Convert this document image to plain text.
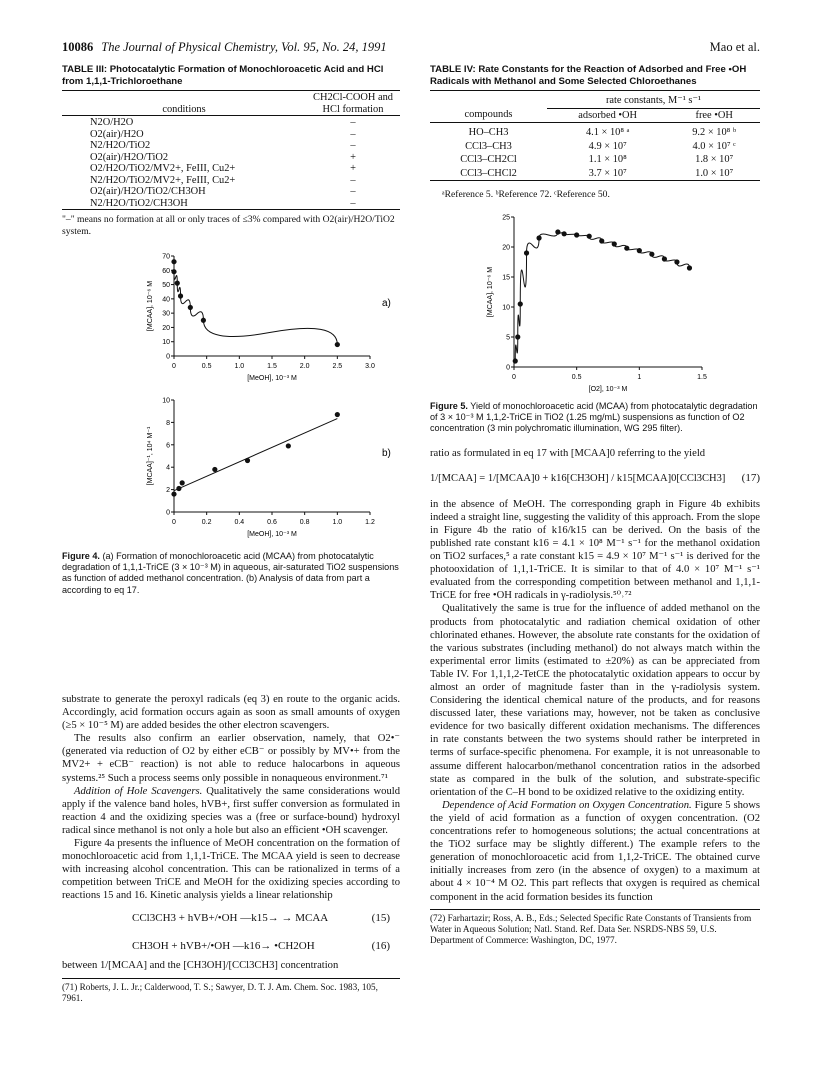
10086 The Journal of Physical Chemistry, Vol. 95, No. 24, 1991	Mao et al.
TABLE III: Photocatalytic Formation of Monochloroacetic Acid and HCl from 1,1,1-Trichloroethane

conditions	CH2Cl-COOH and HCl formation

N2O/H2O	–
O2(air)/H2O	–
N2/H2O/TiO2	–
O2(air)/H2O/TiO2	+
O2/H2O/TiO2/MV2+, FeIII, Cu2+	+
N2/H2O/TiO2/MV2+, FeIII, Cu2+	–
O2(air)/H2O/TiO2/CH3OH	–
N2/H2O/TiO2/CH3OH	–

"–" means no formation at all or only traces of ≤3% compared with O2(air)/H2O/TiO2 system.
0	0.5	1.0	1.5	2.0	2.5	3.0
0
10
20
30
40
50
60
70
[MeOH], 10⁻³ M
[MCAA], 10⁻⁶ M	a)
0	0.2	0.4	0.6	0.8	1.0	1.2
0
2
4
6
8
10
[MeOH], 10⁻³ M
[MCAA]⁻¹, 10⁴ M⁻¹	b)
Figure 4. (a) Formation of monochloroacetic acid (MCAA) from photocatalytic degradation of 1,1,1-TriCE (3 × 10⁻³ M) in aqueous, air-saturated TiO2 suspensions as function of added methanol concentration. (b) Analysis of data from part a according to eq 17.

substrate to generate the peroxyl radicals (eq 3) en route to the organic acids. Accordingly, acid formation occurs again as soon as small amounts of oxygen (≥5 × 10⁻⁵ M) are added besides the other electron scavengers.

The results also confirm an earlier observation, namely, that O2•⁻ (generated via reduction of O2 by either eCB⁻ or possibly by MV•+ from the MV2+ + eCB⁻ reaction) is not able to reduce halocarbons in aqueous systems.²⁵ Such a process seems only possible in nonaqueous environment.⁷¹

Addition of Hole Scavengers. Qualitatively the same considerations would apply if the valence band holes, hVB+, first suffer conversion as formulated in reaction 4 and the oxidizing species was a (free or surface-bound) hydroxyl radical since methanol is not only a hole but also an efficient •OH scavenger.

Figure 4a presents the influence of MeOH concentration on the formation of monochloroacetic acid from 1,1,1-TriCE. The MCAA yield is seen to decrease with increasing alcohol concentration. This can be rationalized in terms of a competition between TriCE and MeOH for the oxidizing species according to reactions 15 and 16. Kinetic analysis yields a linear relationship

CCl3CH3 + hVB+/•OH —k15→ → MCAA	(15)
CH3OH + hVB+/•OH —k16→ •CH2OH	(16)

between 1/[MCAA] and the [CH3OH]/[CCl3CH3] concentration

(71) Roberts, J. L. Jr.; Calderwood, T. S.; Sawyer, D. T. J. Am. Chem. Soc. 1983, 105, 7961.
TABLE IV: Rate Constants for the Reaction of Adsorbed and Free •OH Radicals with Methanol and Some Selected Chloroethanes

	rate constants, M⁻¹ s⁻¹	
compounds	adsorbed •OH	free •OH

HO–CH3	4.1 × 10⁸ ᵃ	9.2 × 10⁸ ᵇ
CCl3–CH3	4.9 × 10⁷	4.0 × 10⁷ ᶜ
CCl3–CH2Cl	1.1 × 10⁸	1.8 × 10⁷
CCl3–CHCl2	3.7 × 10⁷	1.0 × 10⁷

ᵃReference 5. ᵇReference 72. ᶜReference 50.
0	0.5	1	1.5
0
5
10
15
20
25
[O2], 10⁻³ M
[MCAA], 10⁻⁶ M
Figure 5. Yield of monochloroacetic acid (MCAA) from photocatalytic degradation of 3 × 10⁻³ M 1,1,2-TriCE in TiO2 (1.25 mg/mL) suspensions as function of O2 concentration (3 min polychromatic illumination, WG 295 filter).

ratio as formulated in eq 17 with [MCAA]0 referring to the yield

1/[MCAA] = 1/[MCAA]0 + k16[CH3OH] / k15[MCAA]0[CCl3CH3] (17)

in the absence of MeOH. The corresponding graph in Figure 4b exhibits indeed a straight line, suggesting the validity of this approach. From the slope in Figure 4b the ratio of k16/k15 can be derived. On the basis of the published rate constant k16 = 4.1 × 10⁸ M⁻¹ s⁻¹ for the methanol oxidation on TiO2 surfaces,⁵ a rate constant k15 = 4.9 × 10⁷ M⁻¹ s⁻¹ is derived for the photooxidation of 1,1,1-TriCE. It is similar to that of 4.0 × 10⁷ M⁻¹ s⁻¹ evaluated from the corresponding competition between methanol and 1,1,1-TriCE for free •OH radicals in γ-radiolysis.⁵⁰˒⁷²

Qualitatively the same is true for the influence of added methanol on the products from photocatalytic and radiation chemical oxidation of other chlorinated ethanes. However, the absolute rate constants for the oxidation of the various substrates (including methanol) do not always match within the experimental error limits (estimated to ±20%) as can be appreciated from Table IV. For 1,1,1,2-TetCE the photocatalytic oxidation appears to occur by almost an order of magnitude faster than in the γ-radiolysis system. Considering the identical chemical nature of the products, and for reasons discussed later, these variations may, however, not be taken as conclusive evidence for two basically different oxidation mechanisms. The differences in rate constants between the two systems should rather be interpreted in terms of surface-specific phenomena. For example, it is not unreasonable to assume different halocarbon/methanol concentration ratios in the adsorbed state as compared in the bulk of the solution, and substrate-specific orientation of the C–H bond to be oxidized relative to the oxidizing entity.

Dependence of Acid Formation on Oxygen Concentration. Figure 5 shows the yield of acid formation as a function of oxygen concentration. (O2 concentrations refer to homogeneous solutions; the actual concentrations at the TiO2 surface may be slightly different.) The example refers to the generation of monochloroacetic acid from 1,1,2-TriCE. The obtained curve initially increases from zero (in the absence of oxygen) to a maximum at about 4 × 10⁻⁴ M O2. This part reflects that oxygen is required as chemical component in the acid formation besides its function

(72) Farhartazir; Ross, A. B., Eds.; Selected Specific Rate Constants of Transients from Water in Aqueous Solution; Natl. Stand. Ref. Data Ser. NSRDS-NBS 59, U.S. Department of Commerce: Washington, DC, 1977.
